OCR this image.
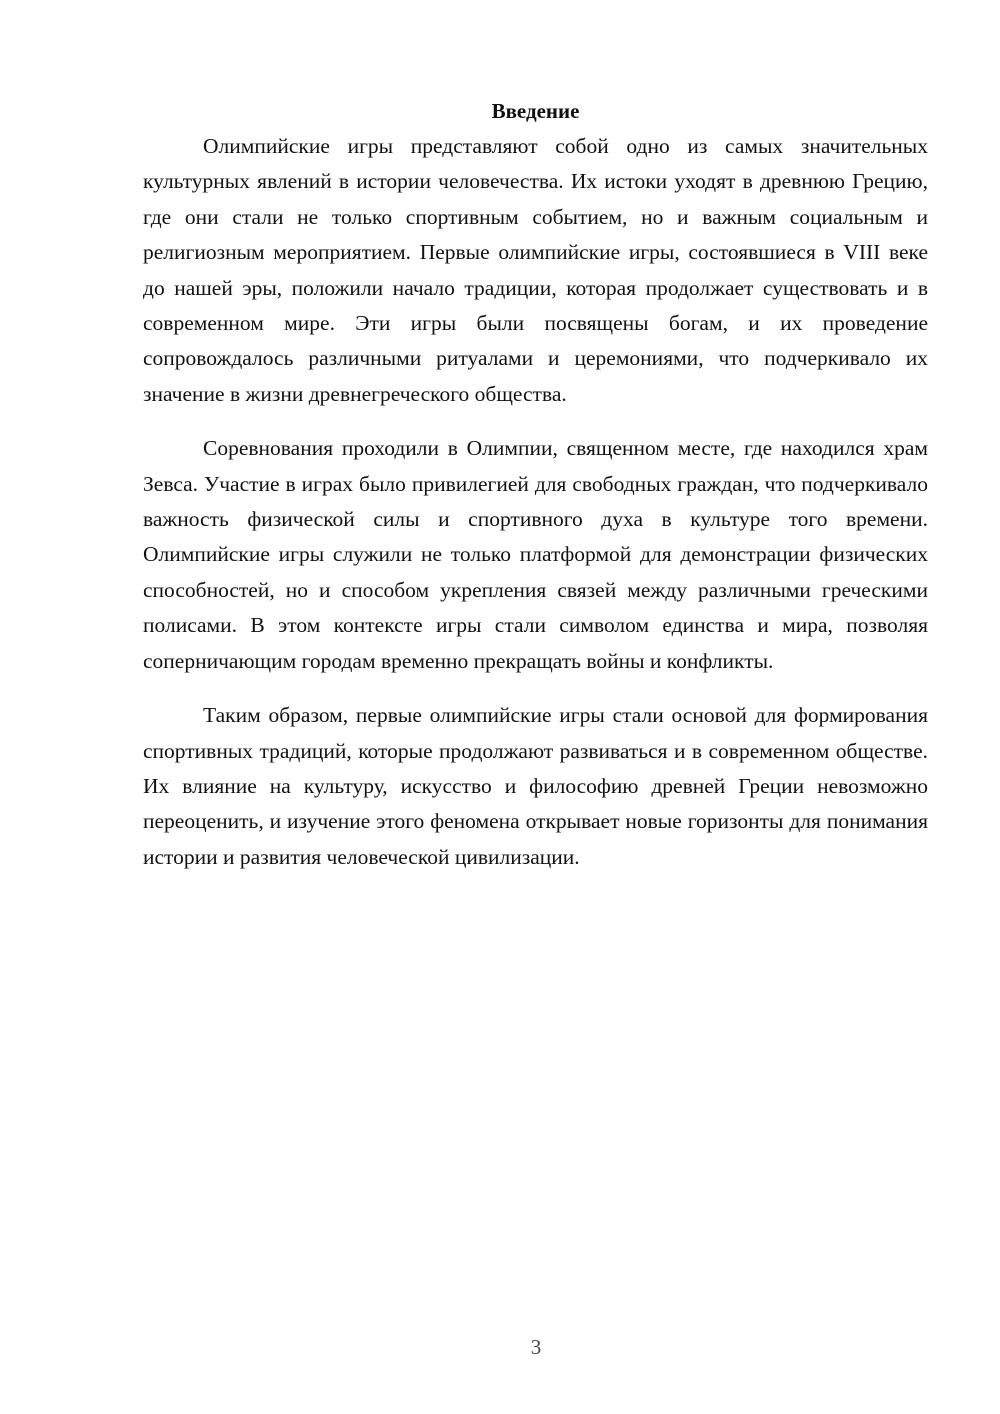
Введение

Олимпийские игры представляют собой одно из самых значительных культурных явлений в истории человечества. Их истоки уходят в древнюю Грецию, где они стали не только спортивным событием, но и важным социальным и религиозным мероприятием. Первые олимпийские игры, состоявшиеся в VIII веке до нашей эры, положили начало традиции, которая продолжает существовать и в современном мире. Эти игры были посвящены богам, и их проведение сопровождалось различными ритуалами и церемониями, что подчеркивало их значение в жизни древнегреческого общества.

Соревнования проходили в Олимпии, священном месте, где находился храм Зевса. Участие в играх было привилегией для свободных граждан, что подчеркивало важность физической силы и спортивного духа в культуре того времени. Олимпийские игры служили не только платформой для демонстрации физических способностей, но и способом укрепления связей между различными греческими полисами. В этом контексте игры стали символом единства и мира, позволяя соперничающим городам временно прекращать войны и конфликты.

Таким образом, первые олимпийские игры стали основой для формирования спортивных традиций, которые продолжают развиваться и в современном обществе. Их влияние на культуру, искусство и философию древней Греции невозможно переоценить, и изучение этого феномена открывает новые горизонты для понимания истории и развития человеческой цивилизации.

3
